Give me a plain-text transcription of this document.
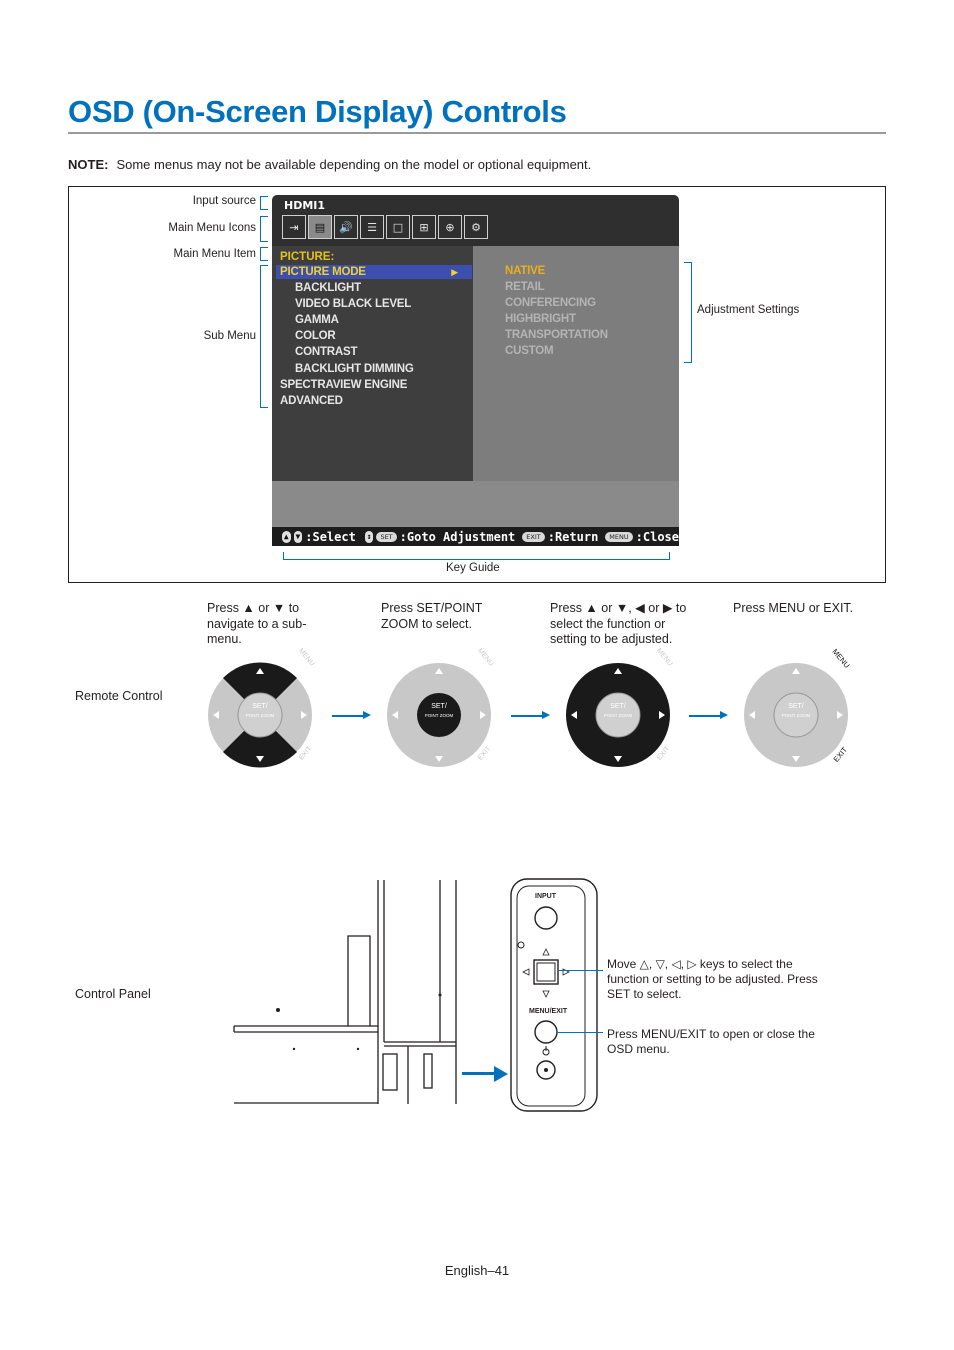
OSD (On-Screen Display) Controls
NOTE: Some menus may not be available depending on the model or optional equipment.
Input source
Main Menu Icons
Main Menu Item
Sub Menu
Adjustment Settings
Key Guide
HDMI1
⇥	▤	🔊	☰	□	⊞	⊕	⚙
PICTURE:
PICTURE MODE	▶
BACKLIGHT
VIDEO BLACK LEVEL
GAMMA
COLOR
CONTRAST
BACKLIGHT DIMMING
SPECTRAVIEW ENGINE
ADVANCED
NATIVE
RETAIL
CONFERENCING
HIGHBRIGHT
TRANSPORTATION
CUSTOM
▲ ▼ :Select ↕	SET :Goto Adjustment	EXIT :Return	MENU :Close
Press ▲ or ▼ to navigate to a sub-menu.
Press SET/POINT ZOOM to select.
Press ▲ or ▼, ◀ or ▶ to select the function or setting to be adjusted.
Press MENU or EXIT.
Remote Control
SET/
POINT ZOOM
MENU
EXIT
SET/
POINT ZOOM
MENU
EXIT
SET/
POINT ZOOM
MENU
EXIT
SET/
POINT ZOOM
MENU
EXIT
Control Panel
INPUT
MENU/EXIT
Move △, ▽, ◁, ▷ keys to select the function or setting to be adjusted. Press SET to select.
Press MENU/EXIT to open or close the OSD menu.
English–41
